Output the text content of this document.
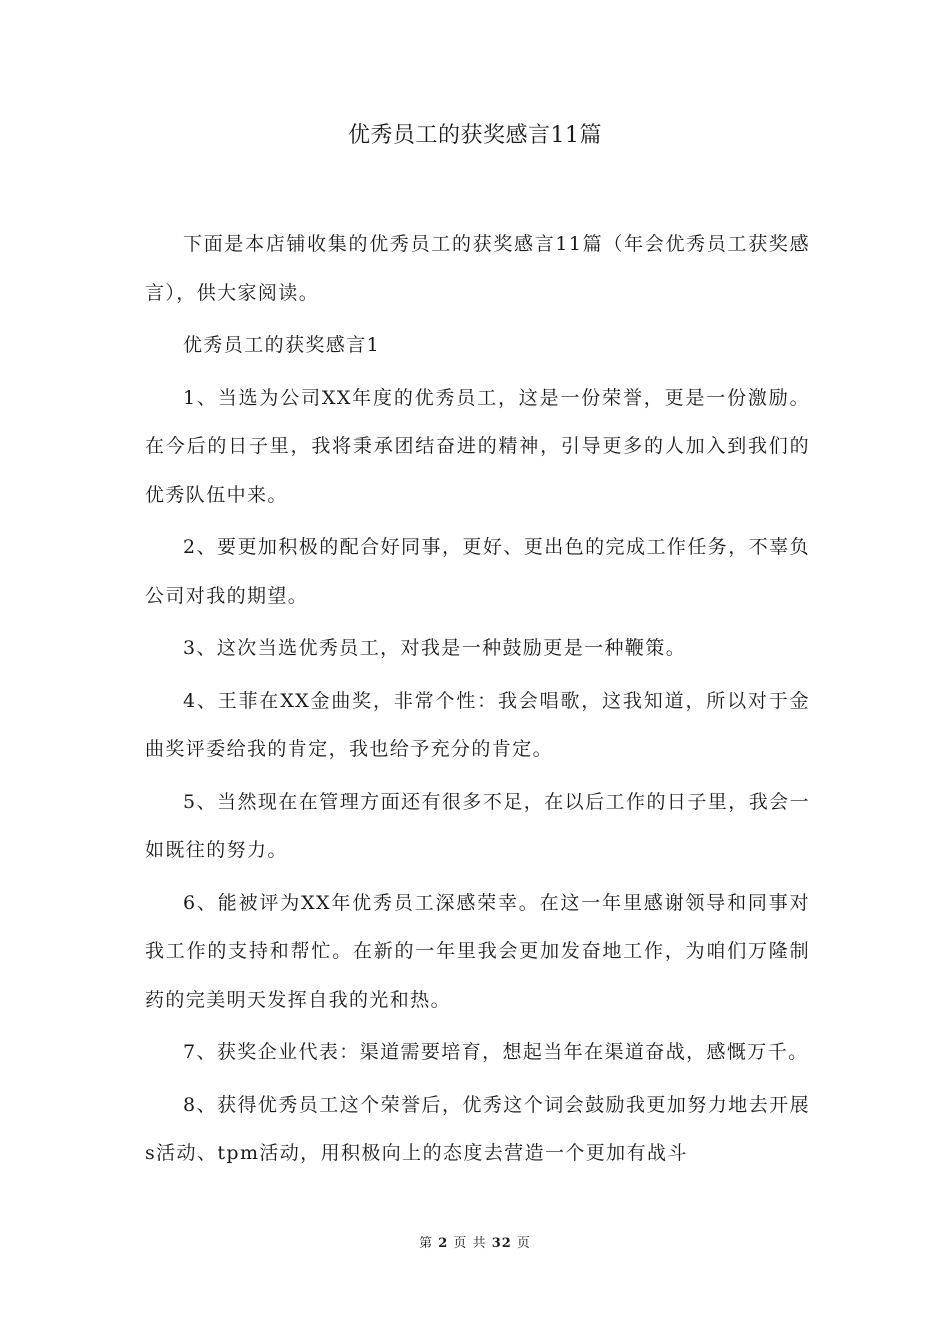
优秀员工的获奖感言11篇

下面是本店铺收集的优秀员工的获奖感言11篇（年会优秀员工获奖感言），供大家阅读。

优秀员工的获奖感言1

1、当选为公司XX年度的优秀员工，这是一份荣誉，更是一份激励。在今后的日子里，我将秉承团结奋进的精神，引导更多的人加入到我们的优秀队伍中来。

2、要更加积极的配合好同事，更好、更出色的完成工作任务，不辜负公司对我的期望。

3、这次当选优秀员工，对我是一种鼓励更是一种鞭策。

4、王菲在XX金曲奖，非常个性：我会唱歌，这我知道，所以对于金曲奖评委给我的肯定，我也给予充分的肯定。

5、当然现在在管理方面还有很多不足，在以后工作的日子里，我会一如既往的努力。

6、能被评为XX年优秀员工深感荣幸。在这一年里感谢领导和同事对我工作的支持和帮忙。在新的一年里我会更加发奋地工作，为咱们万隆制药的完美明天发挥自我的光和热。

7、获奖企业代表：渠道需要培育，想起当年在渠道奋战，感慨万千。

8、获得优秀员工这个荣誉后，优秀这个词会鼓励我更加努力地去开展s活动、tpm活动，用积极向上的态度去营造一个更加有战斗

第 2 页 共 32 页
